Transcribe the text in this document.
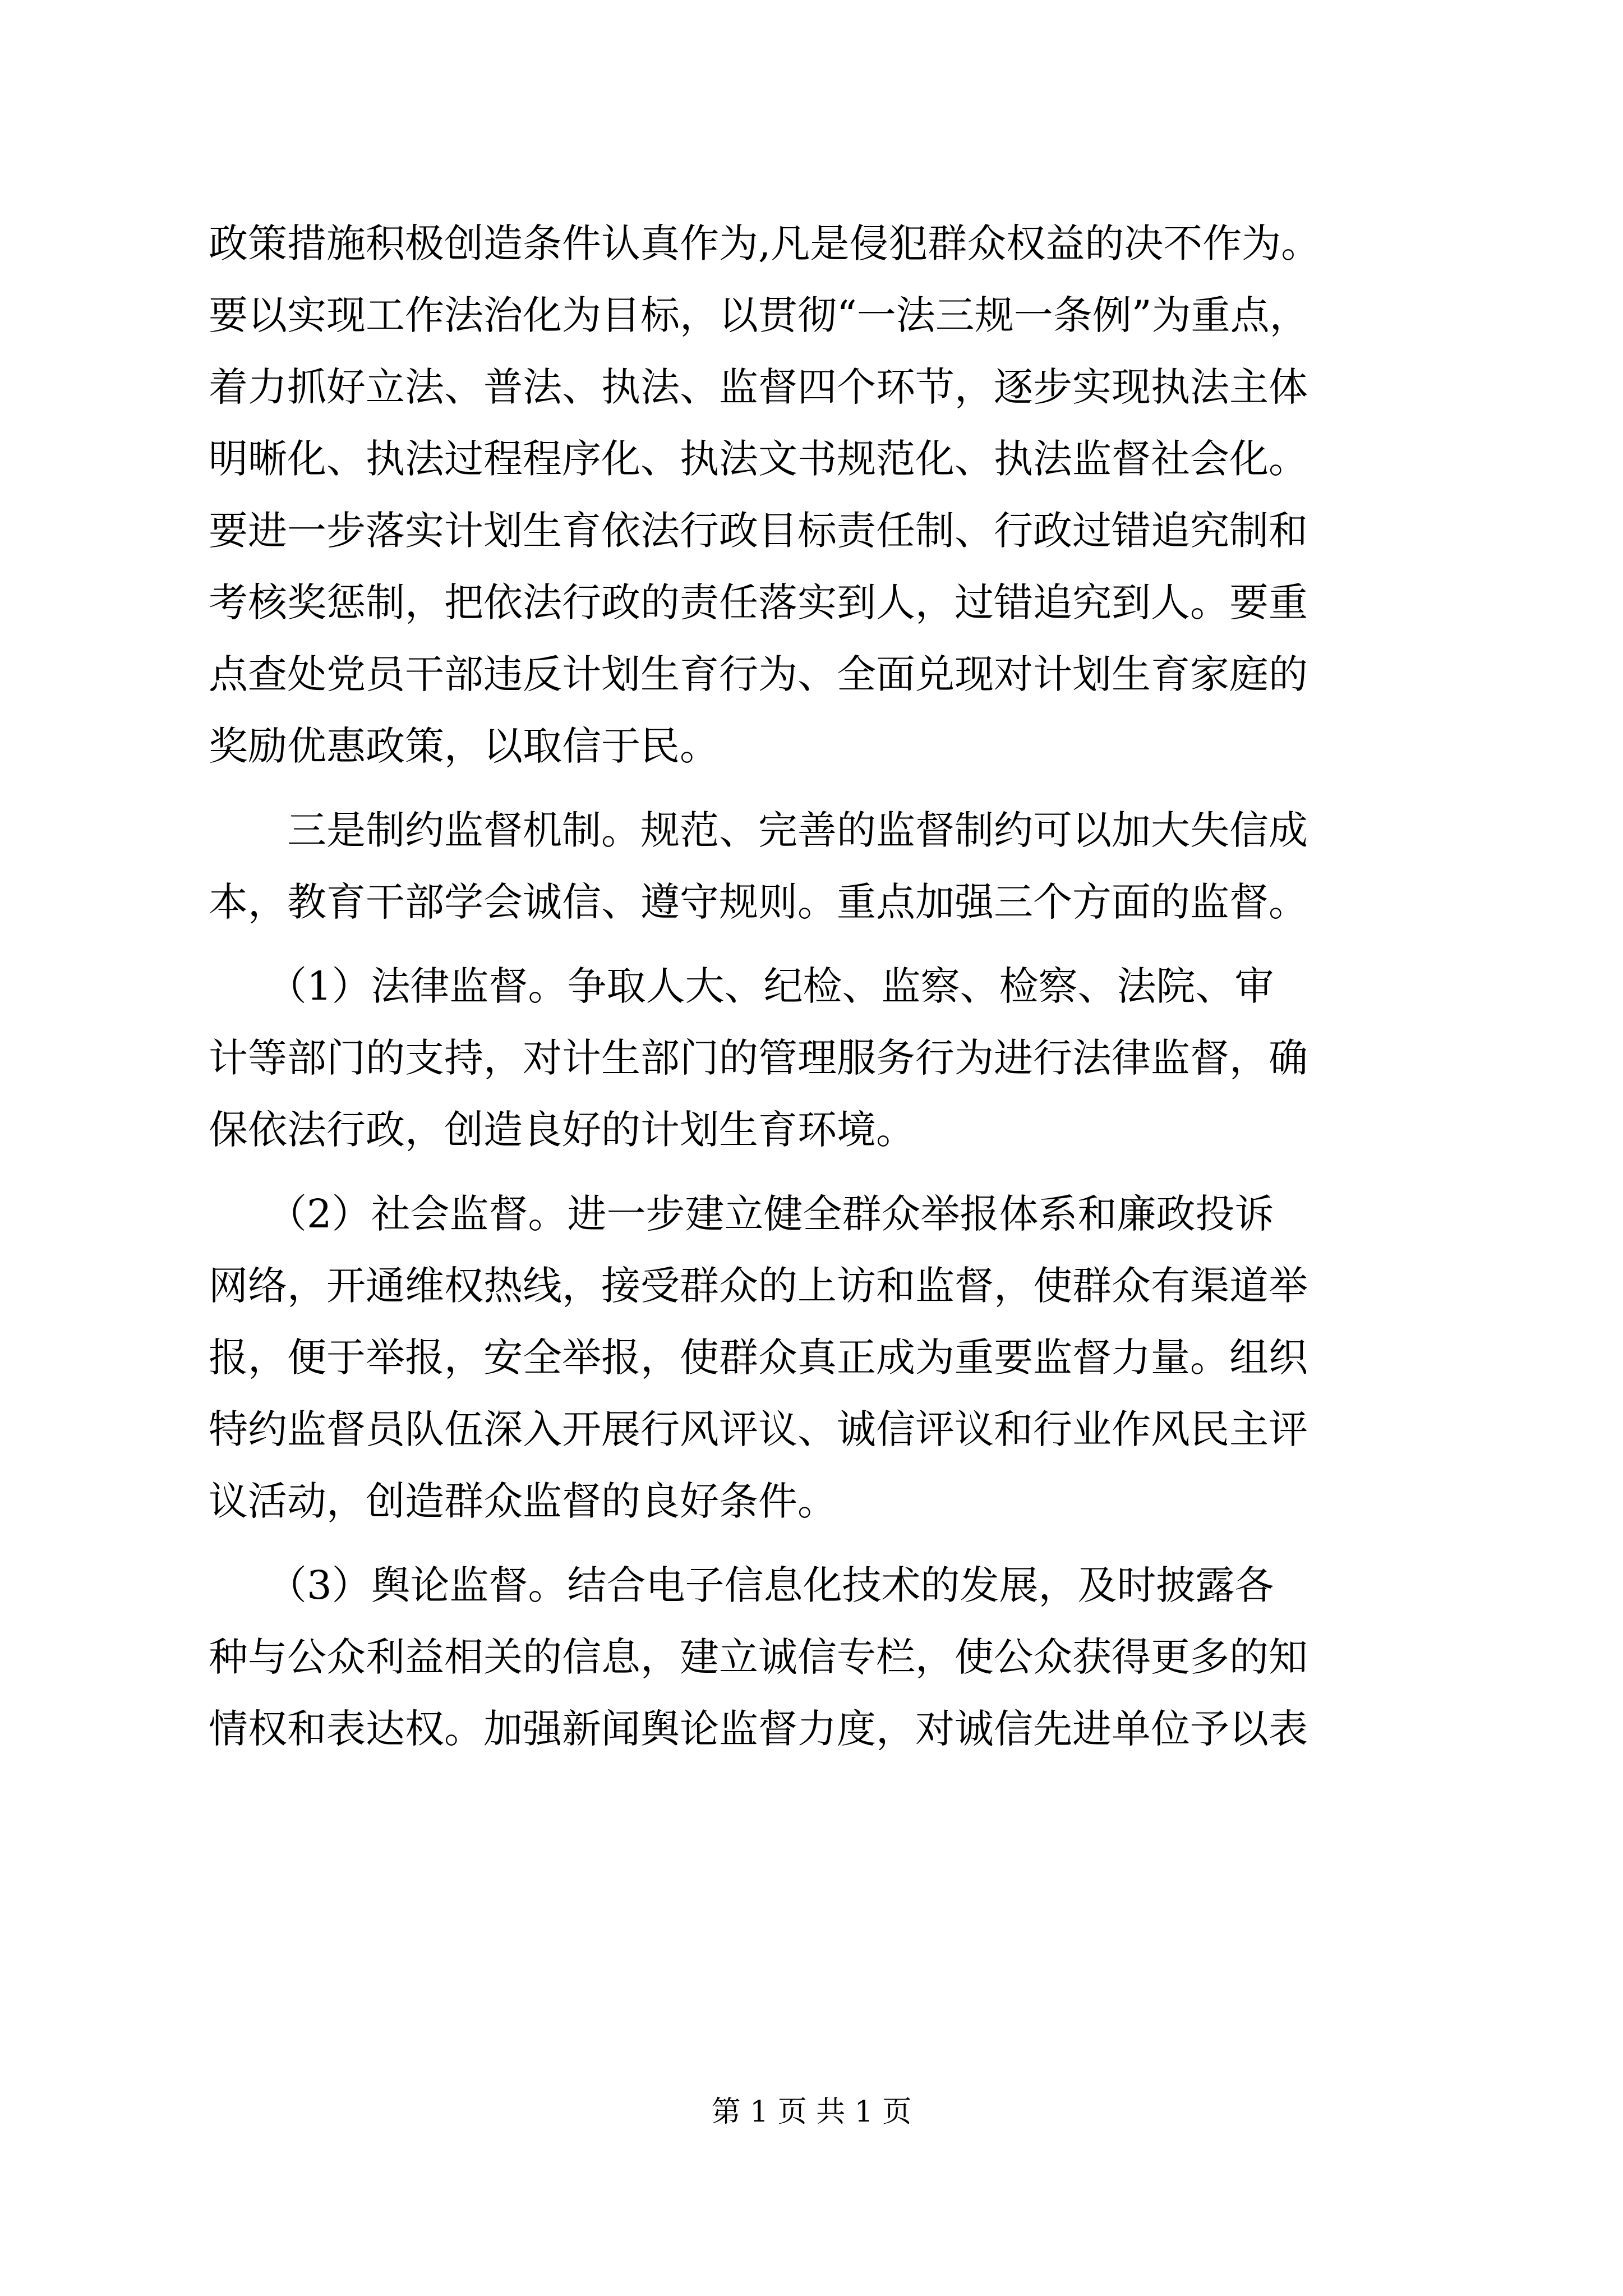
政策措施积极创造条件认真作为,凡是侵犯群众权益的决不作为。
要以实现工作法治化为目标，以贯彻“一法三规一条例”为重点，
着力抓好立法、普法、执法、监督四个环节，逐步实现执法主体
明晰化、执法过程程序化、执法文书规范化、执法监督社会化。
要进一步落实计划生育依法行政目标责任制、行政过错追究制和
考核奖惩制，把依法行政的责任落实到人，过错追究到人。要重
点查处党员干部违反计划生育行为、全面兑现对计划生育家庭的
奖励优惠政策，以取信于民。
　　三是制约监督机制。规范、完善的监督制约可以加大失信成
本，教育干部学会诚信、遵守规则。重点加强三个方面的监督。
　　（1）法律监督。争取人大、纪检、监察、检察、法院、审
计等部门的支持，对计生部门的管理服务行为进行法律监督，确
保依法行政，创造良好的计划生育环境。
　　（2）社会监督。进一步建立健全群众举报体系和廉政投诉
网络，开通维权热线，接受群众的上访和监督，使群众有渠道举
报，便于举报，安全举报，使群众真正成为重要监督力量。组织
特约监督员队伍深入开展行风评议、诚信评议和行业作风民主评
议活动，创造群众监督的良好条件。
　　（3）舆论监督。结合电子信息化技术的发展，及时披露各
种与公众利益相关的信息，建立诚信专栏，使公众获得更多的知
情权和表达权。加强新闻舆论监督力度，对诚信先进单位予以表
第 1 页 共 1 页
